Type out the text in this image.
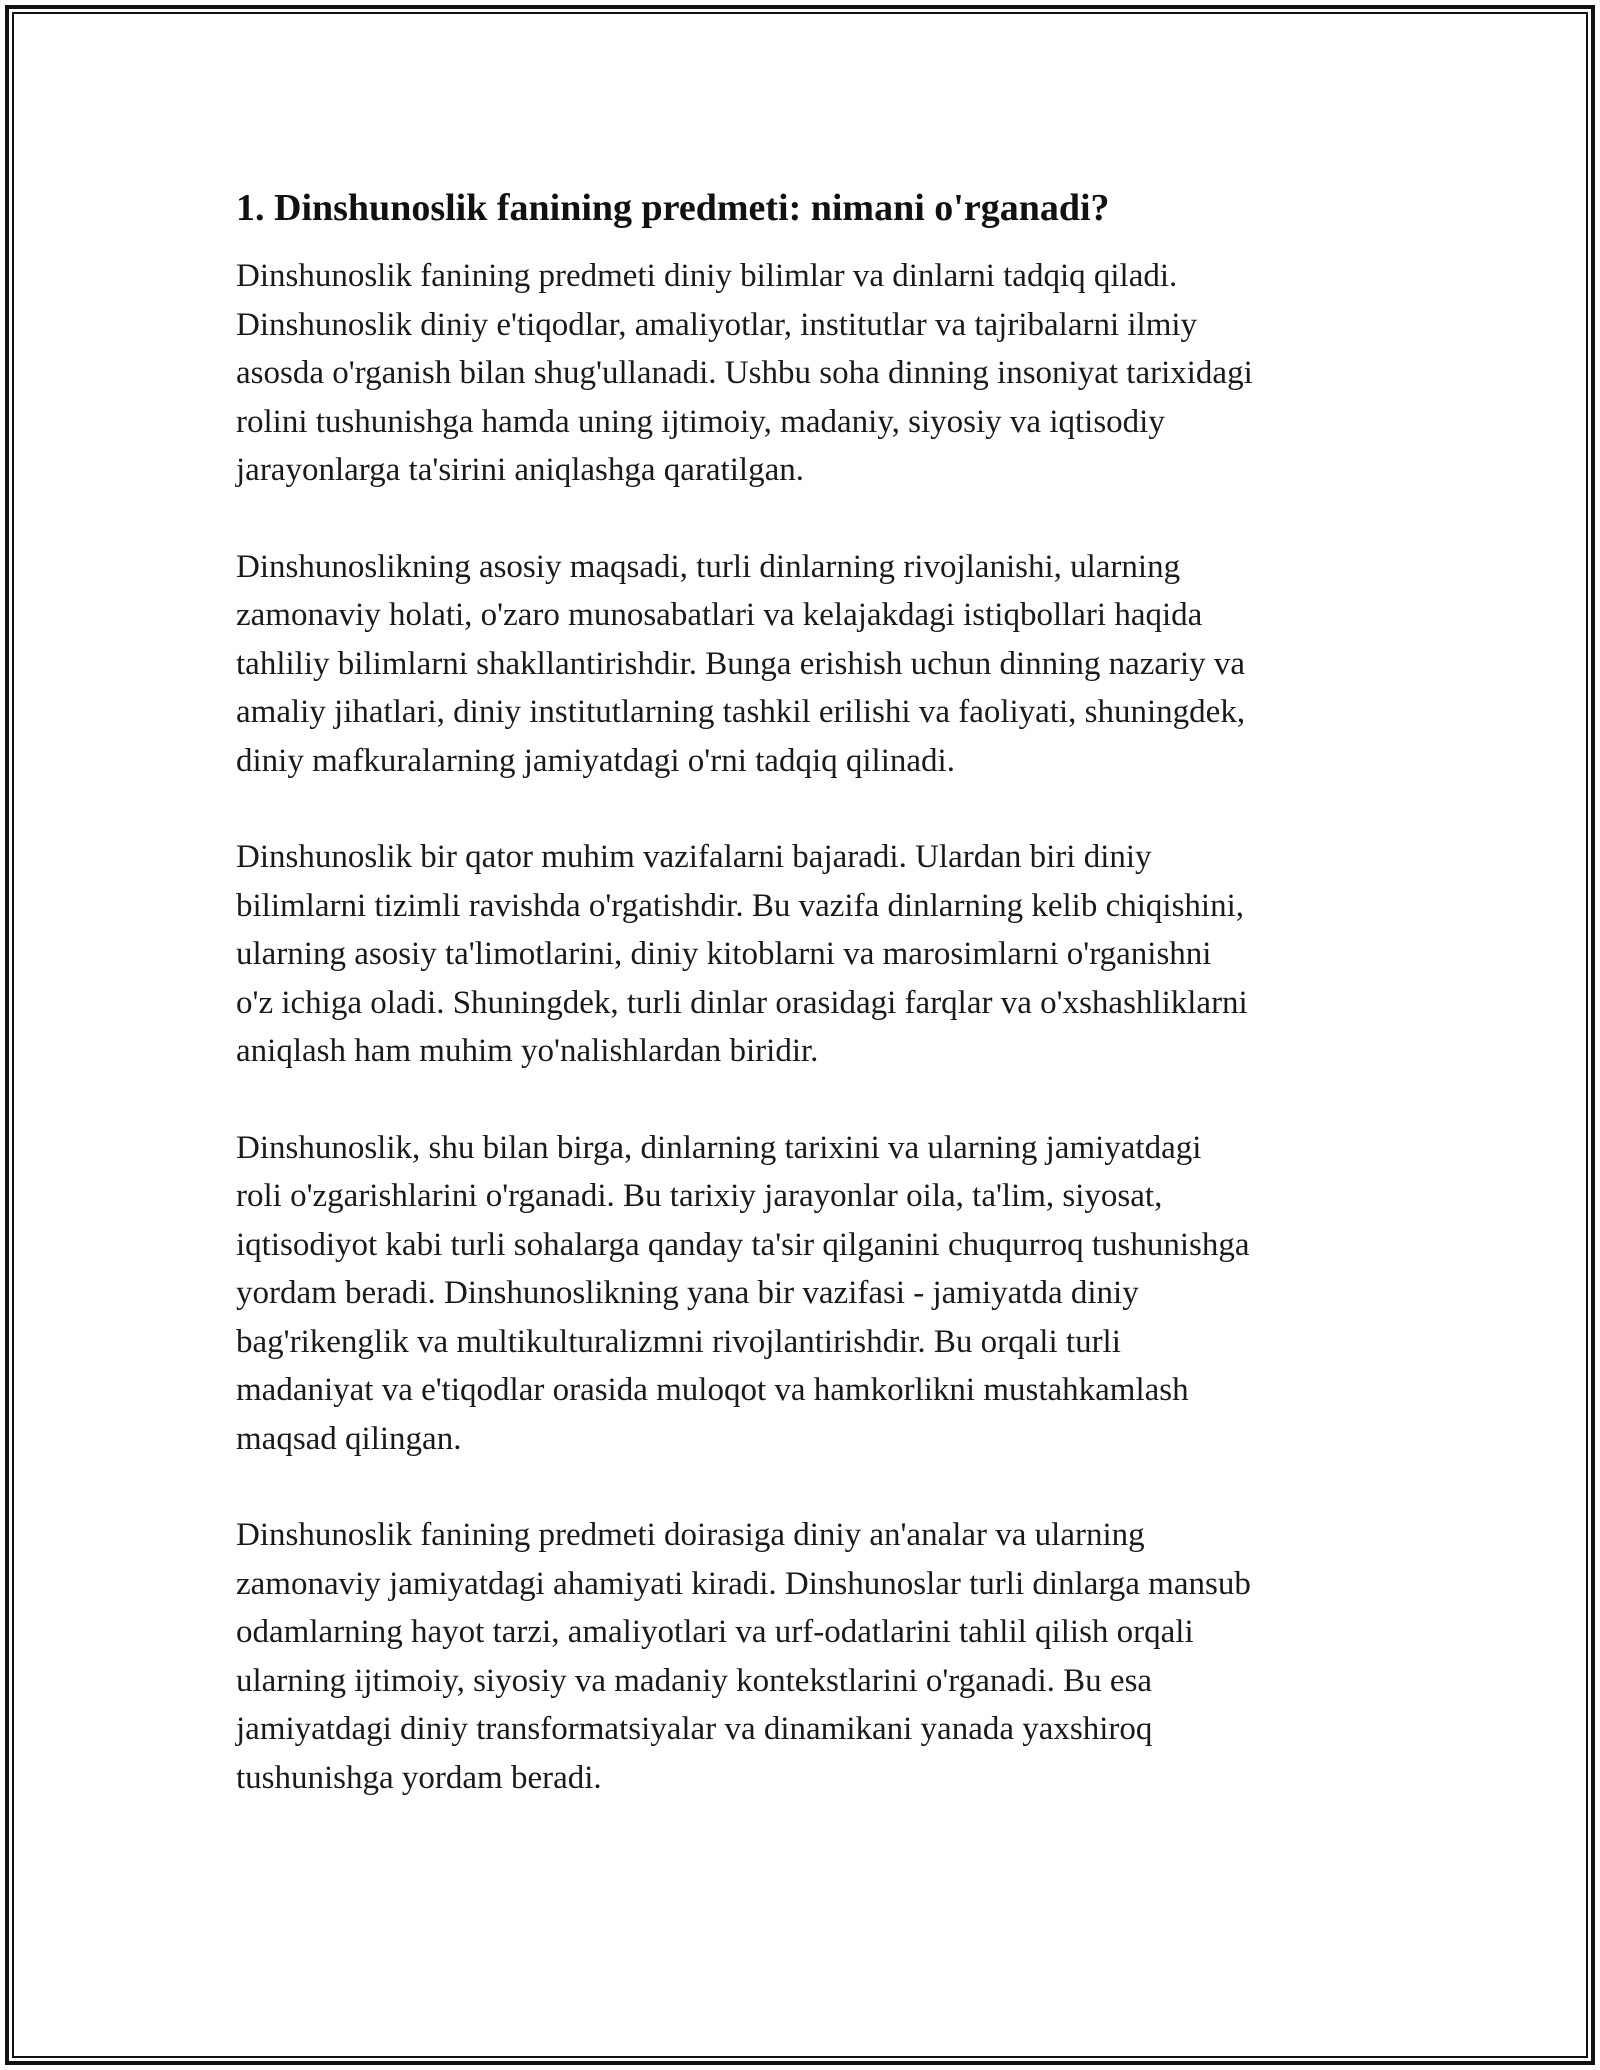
1. Dinshunoslik fanining predmeti: nimani o'rganadi?

Dinshunoslik fanining predmeti diniy bilimlar va dinlarni tadqiq qiladi.
Dinshunoslik diniy e'tiqodlar, amaliyotlar, institutlar va tajribalarni ilmiy
asosda o'rganish bilan shug'ullanadi. Ushbu soha dinning insoniyat tarixidagi
rolini tushunishga hamda uning ijtimoiy, madaniy, siyosiy va iqtisodiy
jarayonlarga ta'sirini aniqlashga qaratilgan.

Dinshunoslikning asosiy maqsadi, turli dinlarning rivojlanishi, ularning
zamonaviy holati, o'zaro munosabatlari va kelajakdagi istiqbollari haqida
tahliliy bilimlarni shakllantirishdir. Bunga erishish uchun dinning nazariy va
amaliy jihatlari, diniy institutlarning tashkil erilishi va faoliyati, shuningdek,
diniy mafkuralarning jamiyatdagi o'rni tadqiq qilinadi.

Dinshunoslik bir qator muhim vazifalarni bajaradi. Ulardan biri diniy
bilimlarni tizimli ravishda o'rgatishdir. Bu vazifa dinlarning kelib chiqishini,
ularning asosiy ta'limotlarini, diniy kitoblarni va marosimlarni o'rganishni
o'z ichiga oladi. Shuningdek, turli dinlar orasidagi farqlar va o'xshashliklarni
aniqlash ham muhim yo'nalishlardan biridir.

Dinshunoslik, shu bilan birga, dinlarning tarixini va ularning jamiyatdagi
roli o'zgarishlarini o'rganadi. Bu tarixiy jarayonlar oila, ta'lim, siyosat,
iqtisodiyot kabi turli sohalarga qanday ta'sir qilganini chuqurroq tushunishga
yordam beradi. Dinshunoslikning yana bir vazifasi - jamiyatda diniy
bag'rikenglik va multikulturalizmni rivojlantirishdir. Bu orqali turli
madaniyat va e'tiqodlar orasida muloqot va hamkorlikni mustahkamlash
maqsad qilingan.

Dinshunoslik fanining predmeti doirasiga diniy an'analar va ularning
zamonaviy jamiyatdagi ahamiyati kiradi. Dinshunoslar turli dinlarga mansub
odamlarning hayot tarzi, amaliyotlari va urf-odatlarini tahlil qilish orqali
ularning ijtimoiy, siyosiy va madaniy kontekstlarini o'rganadi. Bu esa
jamiyatdagi diniy transformatsiyalar va dinamikani yanada yaxshiroq
tushunishga yordam beradi.
